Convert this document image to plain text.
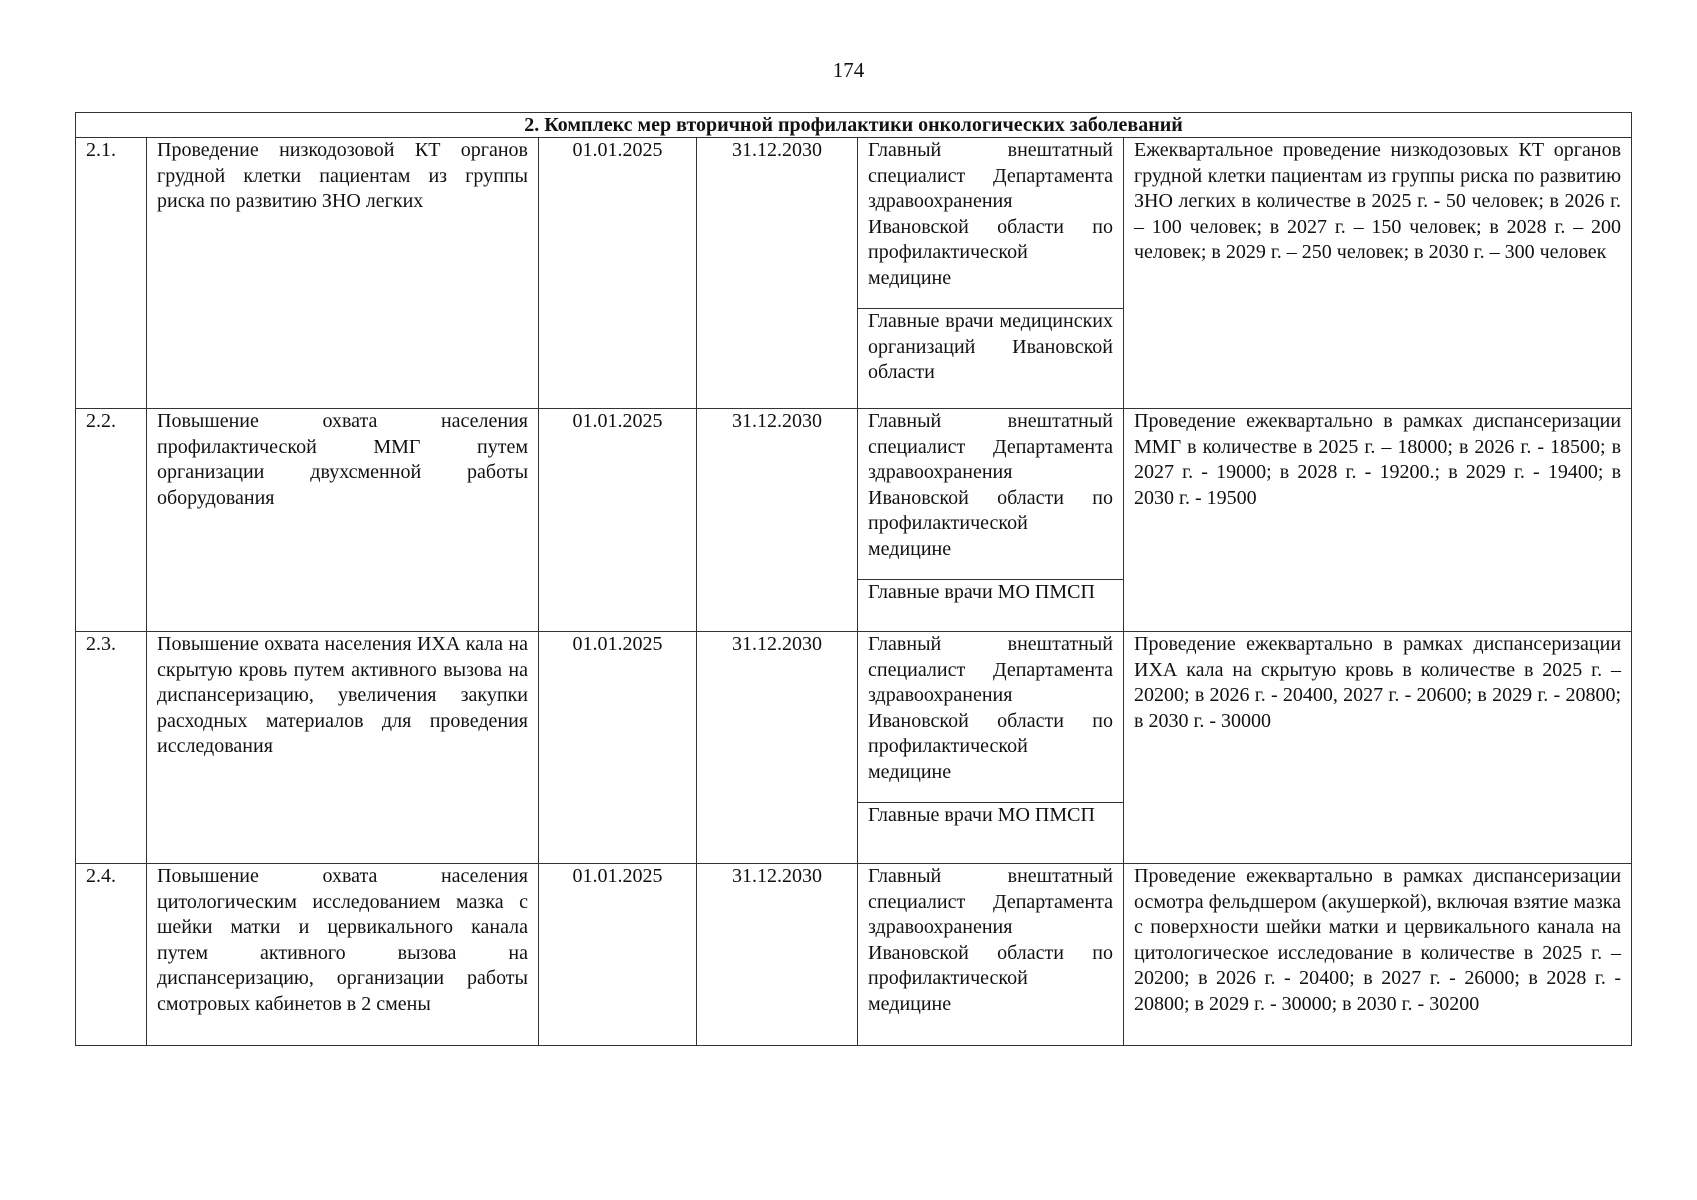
174
2. Комплекс мер вторичной профилактики онкологических заболеваний					
2.1.	Проведение низкодозовой КТ органов грудной клетки пациентам из группы риска по развитию ЗНО легких	01.01.2025	31.12.2030	Главный внештатный специалист Департамента здравоохранения Ивановской области по профилактической медицине	Ежеквартальное проведение низкодозовых КТ органов грудной клетки пациентам из группы риска по развитию ЗНО легких в количестве в 2025 г. - 50 человек; в 2026 г. – 100 человек; в 2027 г. – 150 человек; в 2028 г. – 200 человек; в 2029 г. – 250 человек; в 2030 г. – 300 человек
				Главные врачи медицинских организаций Ивановской области	
2.2.	Повышение охвата населения профилактической ММГ путем организации двухсменной работы оборудования	01.01.2025	31.12.2030	Главный внештатный специалист Департамента здравоохранения Ивановской области по профилактической медицине	Проведение ежеквартально в рамках диспансеризации ММГ в количестве в 2025 г. – 18000; в 2026 г. - 18500; в 2027 г. - 19000; в 2028 г. - 19200.; в 2029 г. - 19400; в 2030 г. - 19500
				Главные врачи МО ПМСП	
2.3.	Повышение охвата населения ИХА кала на скрытую кровь путем активного вызова на диспансеризацию, увеличения закупки расходных материалов для проведения исследования	01.01.2025	31.12.2030	Главный внештатный специалист Департамента здравоохранения Ивановской области по профилактической медицине	Проведение ежеквартально в рамках диспансеризации ИХА кала на скрытую кровь в количестве в 2025 г. – 20200; в 2026 г. - 20400, 2027 г. - 20600; в 2029 г. - 20800; в 2030 г. - 30000
				Главные врачи МО ПМСП	
2.4.	Повышение охвата населения цитологическим исследованием мазка с шейки матки и цервикального канала путем активного вызова на диспансеризацию, организации работы смотровых кабинетов в 2 смены	01.01.2025	31.12.2030	Главный внештатный специалист Департамента здравоохранения Ивановской области по профилактической медицине	Проведение ежеквартально в рамках диспансеризации осмотра фельдшером (акушеркой), включая взятие мазка с поверхности шейки матки и цервикального канала на цитологическое исследование в количестве в 2025 г. – 20200; в 2026 г. - 20400; в 2027 г. - 26000; в 2028 г. - 20800; в 2029 г. - 30000; в 2030 г. - 30200
